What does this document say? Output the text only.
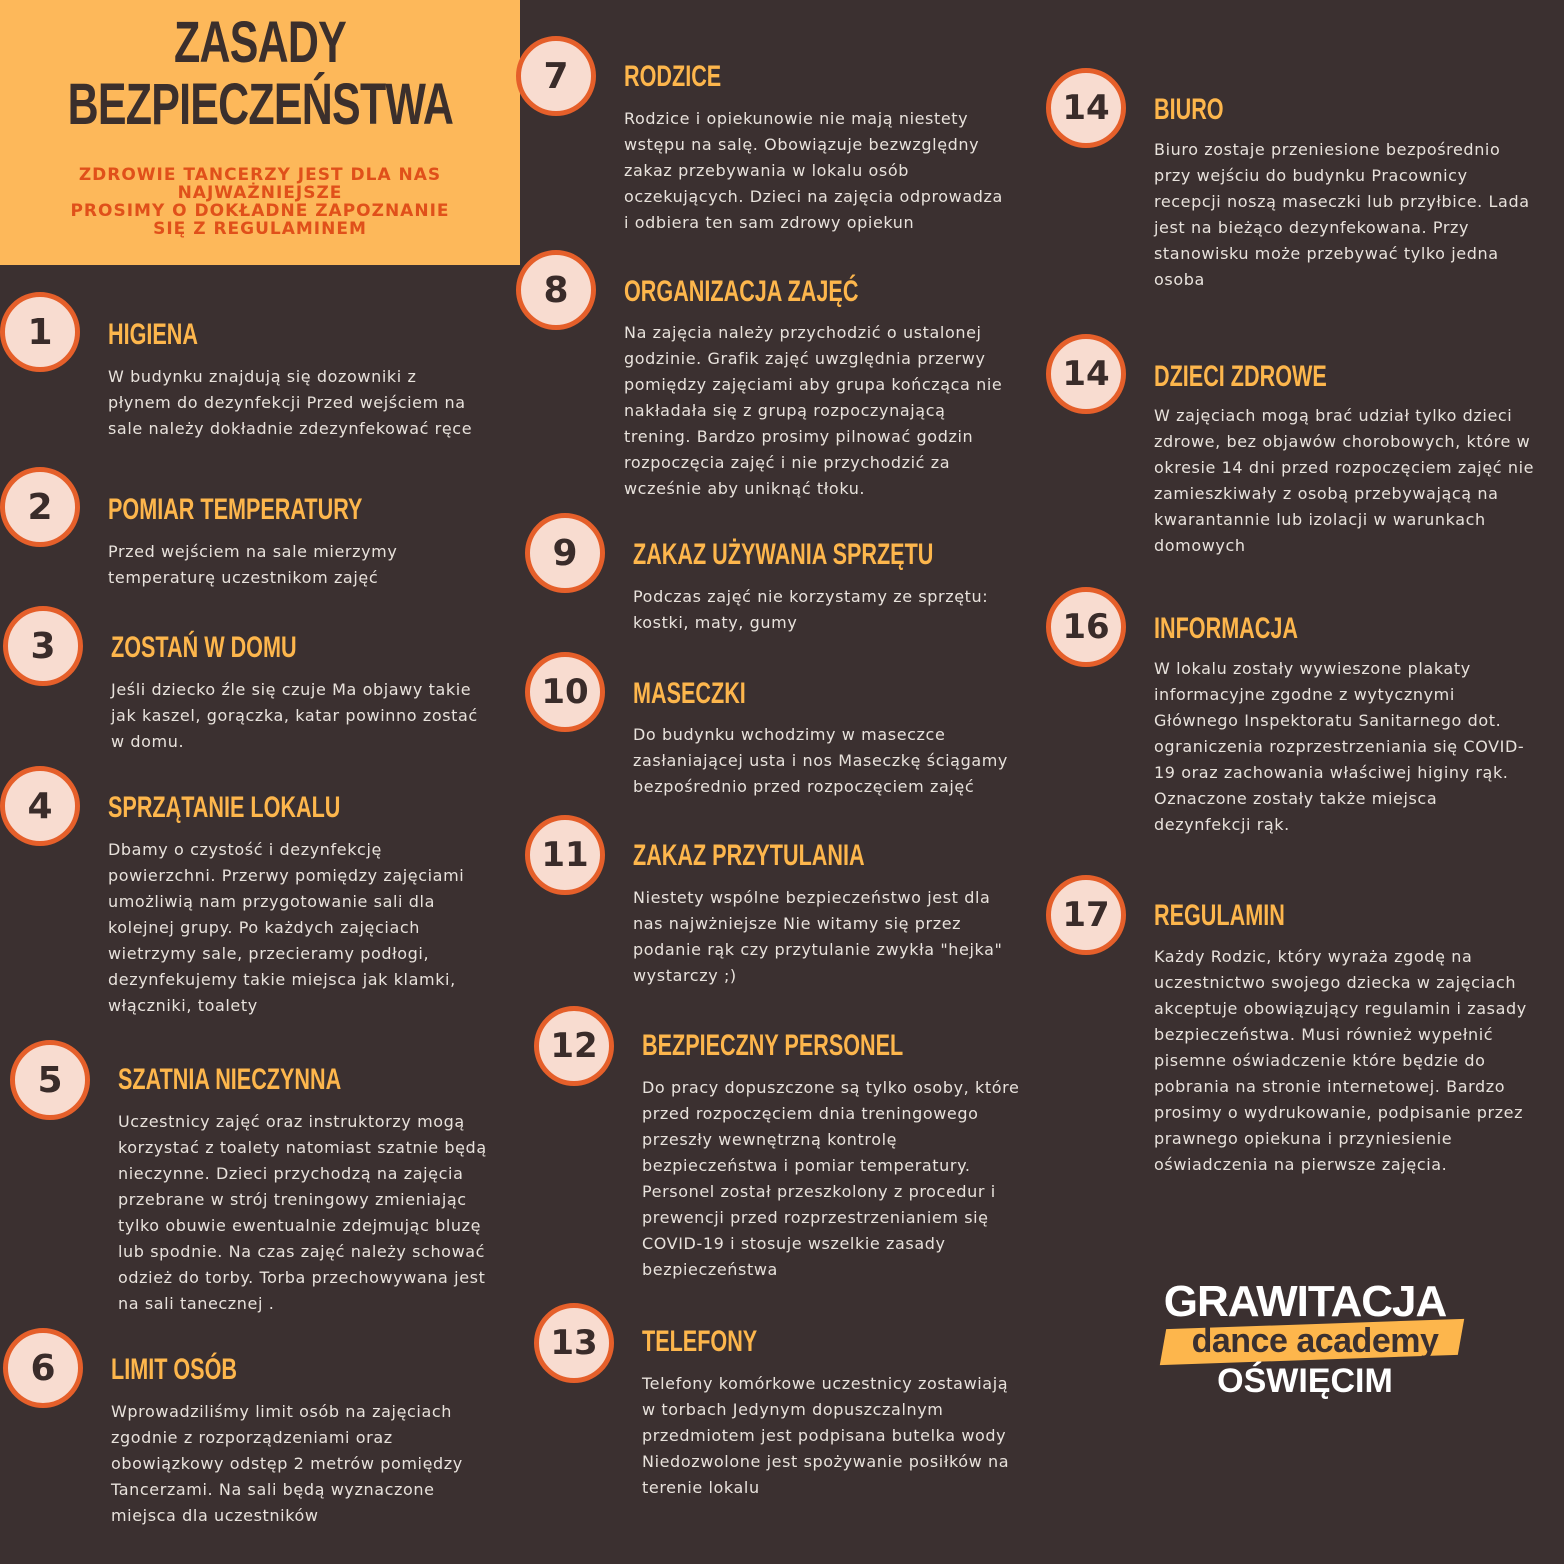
ZASADY
BEZPIECZEŃSTWA
ZDROWIE TANCERZY JEST DLA NAS
NAJWAŻNIEJSZE
PROSIMY O DOKŁADNE ZAPOZNANIE
SIĘ Z REGULAMINEM
1	HIGIENA
W budynku znajdują się dozowniki z
płynem do dezynfekcji Przed wejściem na
sale należy dokładnie zdezynfekować ręce
2	POMIAR TEMPERATURY
Przed wejściem na sale mierzymy
temperaturę uczestnikom zajęć
3	ZOSTAŃ W DOMU
Jeśli dziecko źle się czuje Ma objawy takie
jak kaszel, gorączka, katar powinno zostać
w domu.
4	SPRZĄTANIE LOKALU
Dbamy o czystość i dezynfekcję
powierzchni. Przerwy pomiędzy zajęciami
umożliwią nam przygotowanie sali dla
kolejnej grupy. Po każdych zajęciach
wietrzymy sale, przecieramy podłogi,
dezynfekujemy takie miejsca jak klamki,
włączniki, toalety
5	SZATNIA NIECZYNNA
Uczestnicy zajęć oraz instruktorzy mogą
korzystać z toalety natomiast szatnie będą
nieczynne. Dzieci przychodzą na zajęcia
przebrane w strój treningowy zmieniając
tylko obuwie ewentualnie zdejmując bluzę
lub spodnie. Na czas zajęć należy schować
odzież do torby. Torba przechowywana jest
na sali tanecznej .
6	LIMIT OSÓB
Wprowadziliśmy limit osób na zajęciach
zgodnie z rozporządzeniami oraz
obowiązkowy odstęp 2 metrów pomiędzy
Tancerzami. Na sali będą wyznaczone
miejsca dla uczestników
7	RODZICE
Rodzice i opiekunowie nie mają niestety
wstępu na salę. Obowiązuje bezwzględny
zakaz przebywania w lokalu osób
oczekujących. Dzieci na zajęcia odprowadza
i odbiera ten sam zdrowy opiekun
8	ORGANIZACJA ZAJĘĆ
Na zajęcia należy przychodzić o ustalonej
godzinie. Grafik zajęć uwzględnia przerwy
pomiędzy zajęciami aby grupa kończąca nie
nakładała się z grupą rozpoczynającą
trening. Bardzo prosimy pilnować godzin
rozpoczęcia zajęć i nie przychodzić za
wcześnie aby uniknąć tłoku.
9	ZAKAZ UŻYWANIA SPRZĘTU
Podczas zajęć nie korzystamy ze sprzętu:
kostki, maty, gumy
10	MASECZKI
Do budynku wchodzimy w maseczce
zasłaniającej usta i nos Maseczkę ściągamy
bezpośrednio przed rozpoczęciem zajęć
11	ZAKAZ PRZYTULANIA
Niestety wspólne bezpieczeństwo jest dla
nas najwżniejsze Nie witamy się przez
podanie rąk czy przytulanie zwykła "hejka"
wystarczy ;)
12	BEZPIECZNY PERSONEL
Do pracy dopuszczone są tylko osoby, które
przed rozpoczęciem dnia treningowego
przeszły wewnętrzną kontrolę
bezpieczeństwa i pomiar temperatury.
Personel został przeszkolony z procedur i
prewencji przed rozprzestrzenianiem się
COVID-19 i stosuje wszelkie zasady
bezpieczeństwa
13	TELEFONY
Telefony komórkowe uczestnicy zostawiają
w torbach Jedynym dopuszczalnym
przedmiotem jest podpisana butelka wody
Niedozwolone jest spożywanie posiłków na
terenie lokalu
14	BIURO
Biuro zostaje przeniesione bezpośrednio
przy wejściu do budynku Pracownicy
recepcji noszą maseczki lub przyłbice. Lada
jest na bieżąco dezynfekowana. Przy
stanowisku może przebywać tylko jedna
osoba
14	DZIECI ZDROWE
W zajęciach mogą brać udział tylko dzieci
zdrowe, bez objawów chorobowych, które w
okresie 14 dni przed rozpoczęciem zajęć nie
zamieszkiwały z osobą przebywającą na
kwarantannie lub izolacji w warunkach
domowych
16	INFORMACJA
W lokalu zostały wywieszone plakaty
informacyjne zgodne z wytycznymi
Głównego Inspektoratu Sanitarnego dot.
ograniczenia rozprzestrzeniania się COVID-
19 oraz zachowania właściwej higiny rąk.
Oznaczone zostały także miejsca
dezynfekcji rąk.
17	REGULAMIN
Każdy Rodzic, który wyraża zgodę na
uczestnictwo swojego dziecka w zajęciach
akceptuje obowiązujący regulamin i zasady
bezpieczeństwa. Musi również wypełnić
pisemne oświadczenie które będzie do
pobrania na stronie internetowej. Bardzo
prosimy o wydrukowanie, podpisanie przez
prawnego opiekuna i przyniesienie
oświadczenia na pierwsze zajęcia.
GRAWITACJA
dance academy
OŚWIĘCIM
